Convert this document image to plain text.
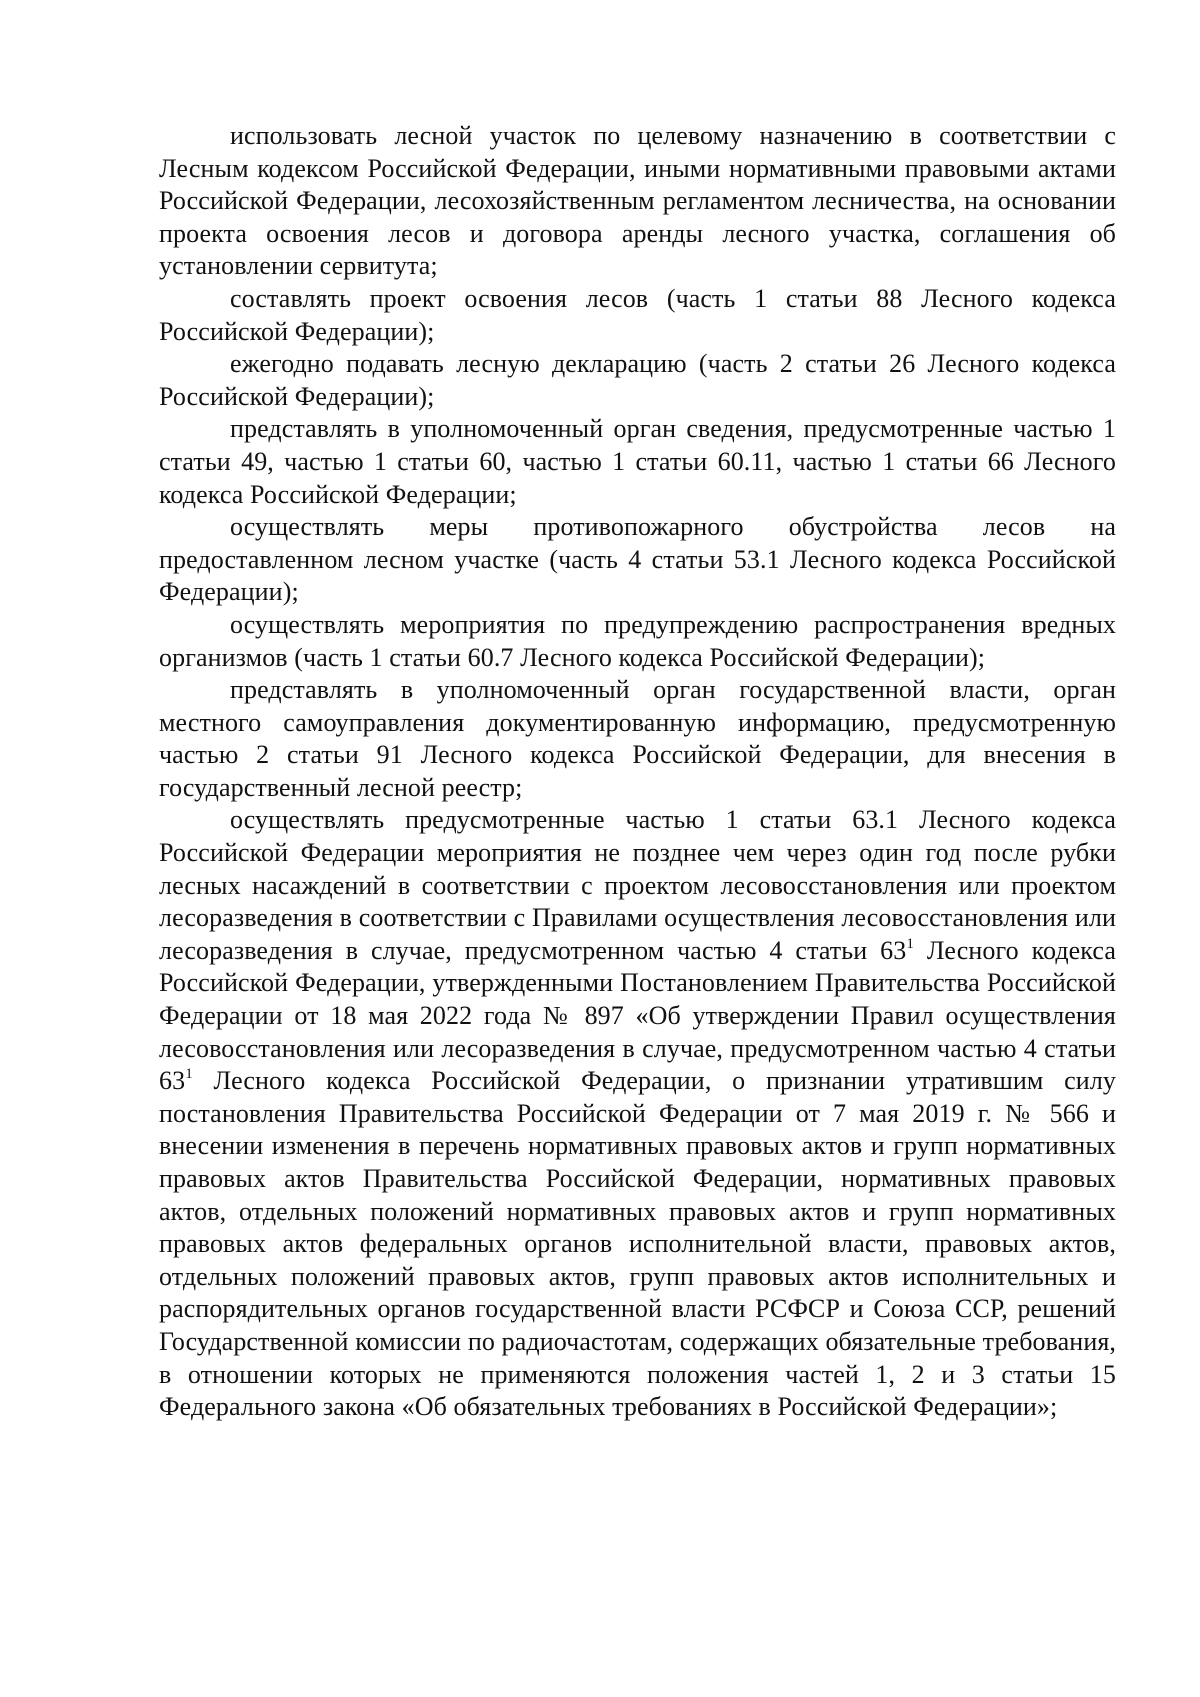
использовать лесной участок по целевому назначению в соответствии с Лесным кодексом Российской Федерации, иными нормативными правовыми актами Российской Федерации, лесохозяйственным регламентом лесничества, на основании проекта освоения лесов и договора аренды лесного участка, соглашения об установлении сервитута;

составлять проект освоения лесов (часть 1 статьи 88 Лесного кодекса Российской Федерации);

ежегодно подавать лесную декларацию (часть 2 статьи 26 Лесного кодекса Российской Федерации);

представлять в уполномоченный орган сведения, предусмотренные частью 1 статьи 49, частью 1 статьи 60, частью 1 статьи 60.11, частью 1 статьи 66 Лесного кодекса Российской Федерации;

осуществлять меры противопожарного обустройства лесов на предоставленном лесном участке (часть 4 статьи 53.1 Лесного кодекса Российской Федерации);

осуществлять мероприятия по предупреждению распространения вредных организмов (часть 1 статьи 60.7 Лесного кодекса Российской Федерации);

представлять в уполномоченный орган государственной власти, орган местного самоуправления документированную информацию, предусмотренную частью 2 статьи 91 Лесного кодекса Российской Федерации, для внесения в государственный лесной реестр;

осуществлять предусмотренные частью 1 статьи 63.1 Лесного кодекса Российской Федерации мероприятия не позднее чем через один год после рубки лесных насаждений в соответствии с проектом лесовосстановления или проектом лесоразведения в соответствии с Правилами осуществления лесовосстановления или лесоразведения в случае, предусмотренном частью 4 статьи $63^1$ Лесного кодекса Российской Федерации, утвержденными Постановлением Правительства Российской Федерации от 18 мая 2022 года № 897 «Об утверждении Правил осуществления лесовосстановления или лесоразведения в случае, предусмотренном частью 4 статьи $63^1$ Лесного кодекса Российской Федерации, о признании утратившим силу постановления Правительства Российской Федерации от 7 мая 2019 г. № 566 и внесении изменения в перечень нормативных правовых актов и групп нормативных правовых актов Правительства Российской Федерации, нормативных правовых актов, отдельных положений нормативных правовых актов и групп нормативных правовых актов федеральных органов исполнительной власти, правовых актов, отдельных положений правовых актов, групп правовых актов исполнительных и распорядительных органов государственной власти РСФСР и Союза ССР, решений Государственной комиссии по радиочастотам, содержащих обязательные требования, в отношении которых не применяются положения частей 1, 2 и 3 статьи 15 Федерального закона «Об обязательных требованиях в Российской Федерации»;
